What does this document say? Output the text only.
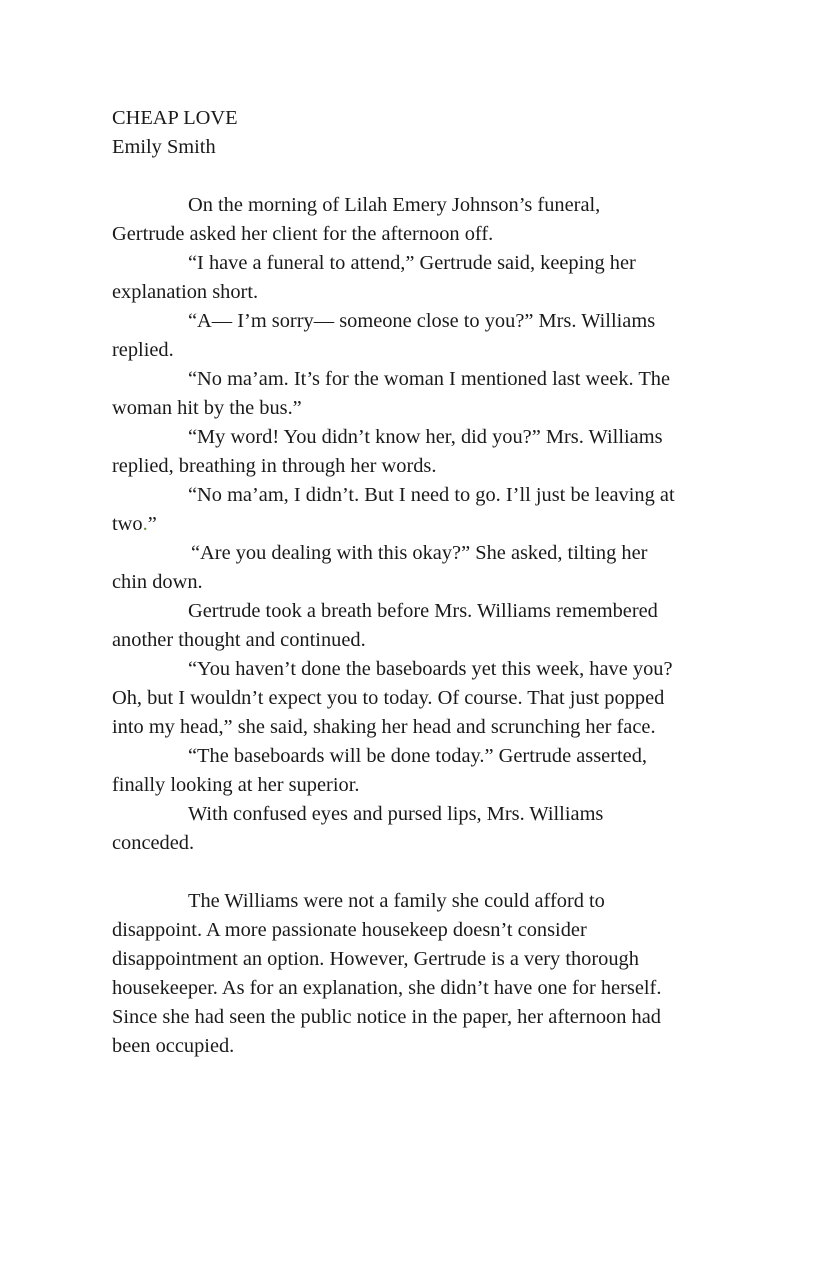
CHEAP LOVE
Emily Smith
On the morning of Lilah Emery Johnson’s funeral,
Gertrude asked her client for the afternoon off.
“I have a funeral to attend,” Gertrude said, keeping her
explanation short.
“A— I’m sorry— someone close to you?” Mrs. Williams
replied.
“No ma’am. It’s for the woman I mentioned last week. The
woman hit by the bus.”
“My word! You didn’t know her, did you?” Mrs. Williams
replied, breathing in through her words.
“No ma’am, I didn’t. But I need to go. I’ll just be leaving at
two.”
“Are you dealing with this okay?” She asked, tilting her
chin down.
Gertrude took a breath before Mrs. Williams remembered
another thought and continued.
“You haven’t done the baseboards yet this week, have you?
Oh, but I wouldn’t expect you to today. Of course. That just popped
into my head,” she said, shaking her head and scrunching her face.
“The baseboards will be done today.” Gertrude asserted,
finally looking at her superior.
With confused eyes and pursed lips, Mrs. Williams
conceded.
The Williams were not a family she could afford to
disappoint. A more passionate housekeep doesn’t consider
disappointment an option. However, Gertrude is a very thorough
housekeeper. As for an explanation, she didn’t have one for herself.
Since she had seen the public notice in the paper, her afternoon had
been occupied.
